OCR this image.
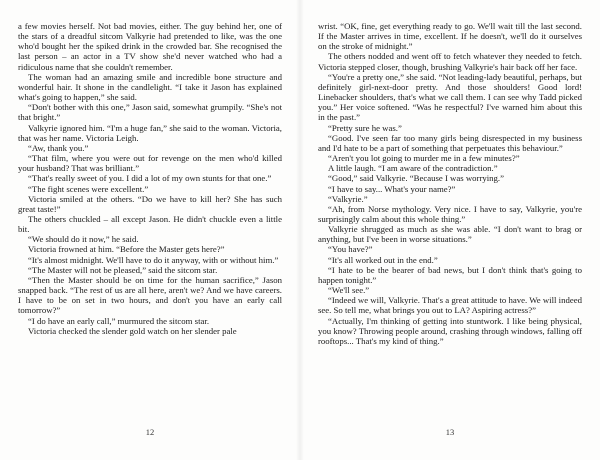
a few movies herself. Not bad movies, either. The guy behind her, one of the stars of a dreadful sitcom Valkyrie had pretended to like, was the one who'd bought her the spiked drink in the crowded bar. She recognised the last person – an actor in a TV show she'd never watched who had a ridiculous name that she couldn't remember.

The woman had an amazing smile and incredible bone structure and wonderful hair. It shone in the candlelight. “I take it Jason has explained what's going to happen,” she said.

“Don't bother with this one,” Jason said, somewhat grumpily. “She's not that bright.”

Valkyrie ignored him. “I'm a huge fan,” she said to the woman. Victoria, that was her name. Victoria Leigh.

“Aw, thank you.”

“That film, where you were out for revenge on the men who'd killed your husband? That was brilliant.”

“That's really sweet of you. I did a lot of my own stunts for that one.”

“The fight scenes were excellent.”

Victoria smiled at the others. “Do we have to kill her? She has such great taste!”

The others chuckled – all except Jason. He didn't chuckle even a little bit.

“We should do it now,” he said.

Victoria frowned at him. “Before the Master gets here?”

“It's almost midnight. We'll have to do it anyway, with or without him.”

“The Master will not be pleased,” said the sitcom star.

“Then the Master should be on time for the human sacrifice,” Jason snapped back. “The rest of us are all here, aren't we? And we have careers. I have to be on set in two hours, and don't you have an early call tomorrow?”

“I do have an early call,” murmured the sitcom star.

Victoria checked the slender gold watch on her slender pale

12

wrist. “OK, fine, get everything ready to go. We'll wait till the last second. If the Master arrives in time, excellent. If he doesn't, we'll do it ourselves on the stroke of midnight.”

The others nodded and went off to fetch whatever they needed to fetch. Victoria stepped closer, though, brushing Valkyrie's hair back off her face.

“You're a pretty one,” she said. “Not leading-lady beautiful, perhaps, but definitely girl-next-door pretty. And those shoulders! Good lord! Linebacker shoulders, that's what we call them. I can see why Tadd picked you.” Her voice softened. “Was he respectful? I've warned him about this in the past.”

“Pretty sure he was.”

“Good. I've seen far too many girls being disrespected in my business and I'd hate to be a part of something that perpetuates this behaviour.”

“Aren't you lot going to murder me in a few minutes?”

A little laugh. “I am aware of the contradiction.”

“Good,” said Valkyrie. “Because I was worrying.”

“I have to say... What's your name?”

“Valkyrie.”

“Ah, from Norse mythology. Very nice. I have to say, Valkyrie, you're surprisingly calm about this whole thing.”

Valkyrie shrugged as much as she was able. “I don't want to brag or anything, but I've been in worse situations.”

“You have?”

“It's all worked out in the end.”

“I hate to be the bearer of bad news, but I don't think that's going to happen tonight.”

“We'll see.”

“Indeed we will, Valkyrie. That's a great attitude to have. We will indeed see. So tell me, what brings you out to LA? Aspiring actress?”

“Actually, I'm thinking of getting into stuntwork. I like being physical, you know? Throwing people around, crashing through windows, falling off rooftops... That's my kind of thing.”

13
